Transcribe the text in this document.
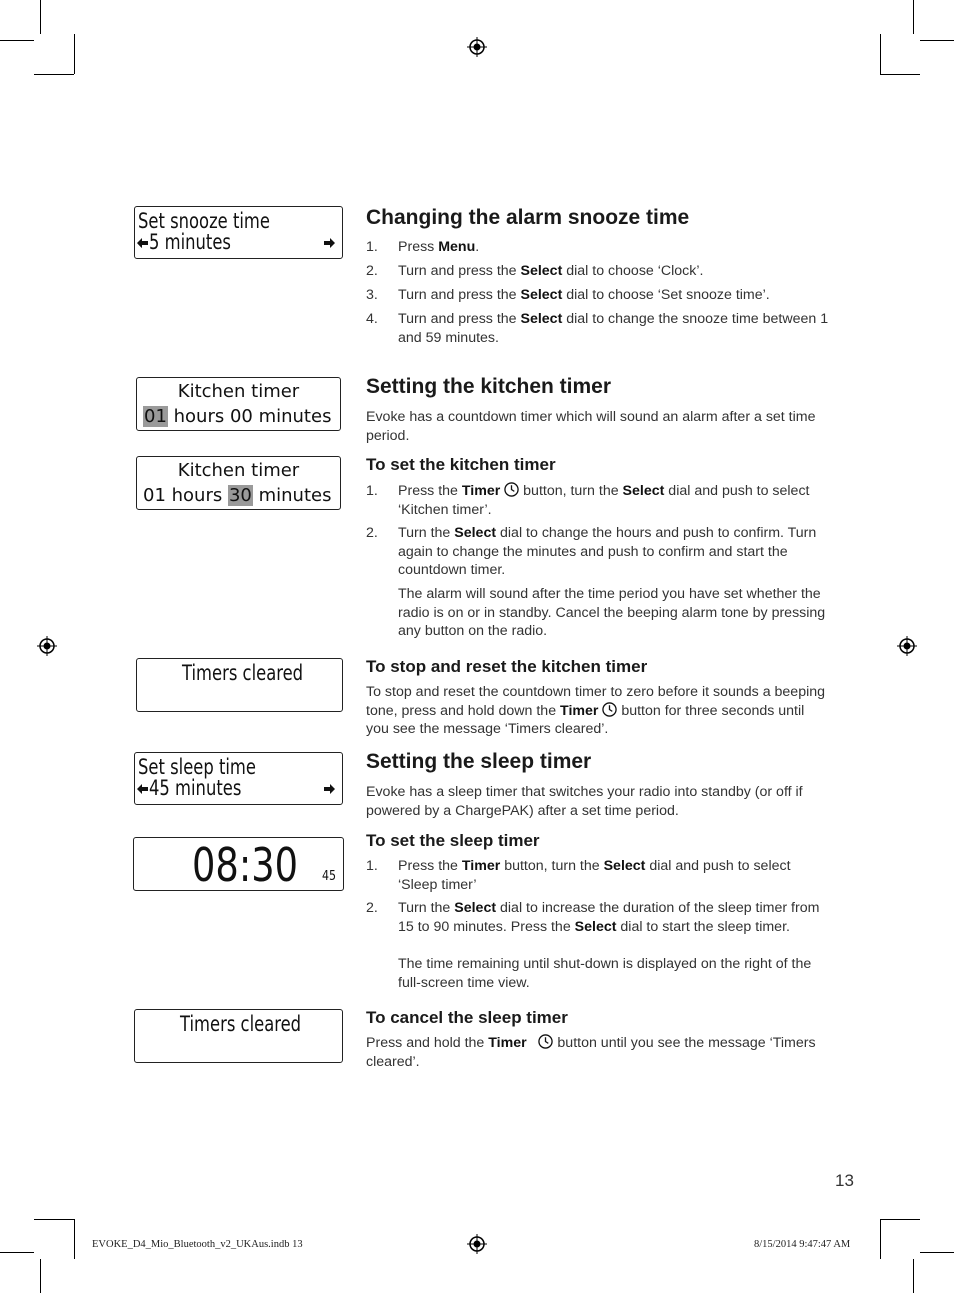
Set snooze time
5 minutes
Changing the alarm snooze time
1. Press Menu.
2. Turn and press the Select dial to choose ‘Clock’.
3. Turn and press the Select dial to choose ‘Set snooze time’.
4. Turn and press the Select dial to change the snooze time between 1 and 59 minutes.
Kitchen timer
01 hours 00 minutes
Kitchen timer
01 hours 30 minutes
Setting the kitchen timer
Evoke has a countdown timer which will sound an alarm after a set time period.
To set the kitchen timer
1. Press the Timer  button, turn the Select dial and push to select ‘Kitchen timer’.
2. Turn the Select dial to change the hours and push to confirm. Turn again to change the minutes and push to confirm and start the countdown timer.
The alarm will sound after the time period you have set whether the radio is on or in standby. Cancel the beeping alarm tone by pressing any button on the radio.
Timers cleared	To stop and reset the kitchen timer
To stop and reset the countdown timer to zero before it sounds a beeping tone, press and hold down the Timer  button for three seconds until you see the message ‘Timers cleared’.
Set sleep time
45 minutes
08:30 45
Setting the sleep timer
Evoke has a sleep timer that switches your radio into standby (or off if powered by a ChargePAK) after a set time period.
To set the sleep timer
1. Press the Timer button, turn the Select dial and push to select ‘Sleep timer’
2. Turn the Select dial to increase the duration of the sleep timer from 15 to 90 minutes. Press the Select dial to start the sleep timer.
The time remaining until shut-down is displayed on the right of the full-screen time view.
Timers cleared	To cancel the sleep timer
Press and hold the Timer    button until you see the message ‘Timers cleared’.
13
EVOKE_D4_Mio_Bluetooth_v2_UKAus.indb 13	8/15/2014 9:47:47 AM
